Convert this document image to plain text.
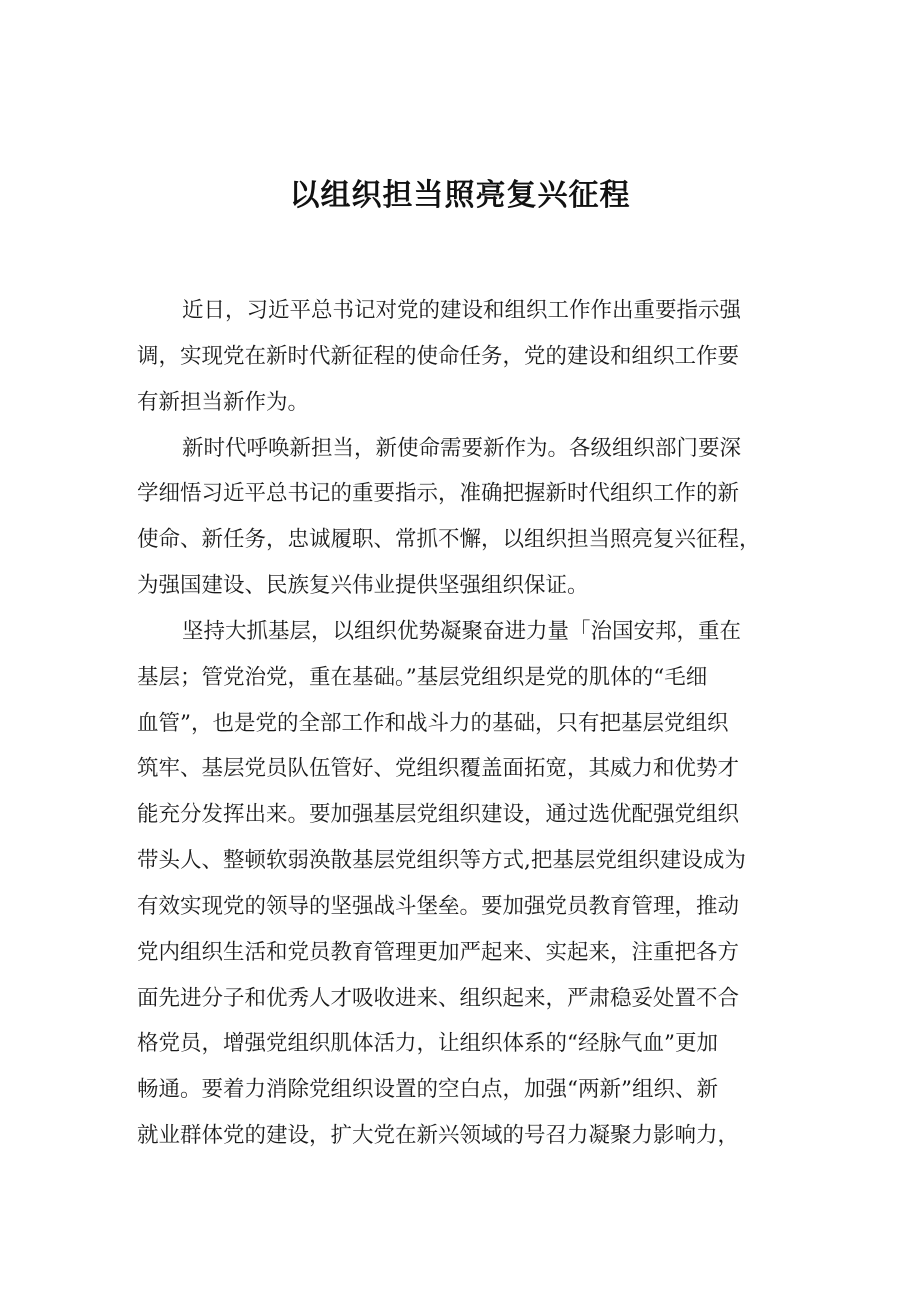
以组织担当照亮复兴征程
近日，习近平总书记对党的建设和组织工作作出重要指示强
调，实现党在新时代新征程的使命任务，党的建设和组织工作要
有新担当新作为。
新时代呼唤新担当，新使命需要新作为。各级组织部门要深
学细悟习近平总书记的重要指示，准确把握新时代组织工作的新
使命、新任务，忠诚履职、常抓不懈，以组织担当照亮复兴征程，
为强国建设、民族复兴伟业提供坚强组织保证。
坚持大抓基层，以组织优势凝聚奋进力量「治国安邦，重在
基层；管党治党，重在基础。”基层党组织是党的肌体的“毛细
血管”，也是党的全部工作和战斗力的基础，只有把基层党组织
筑牢、基层党员队伍管好、党组织覆盖面拓宽，其威力和优势才
能充分发挥出来。要加强基层党组织建设，通过选优配强党组织
带头人、整顿软弱涣散基层党组织等方式,把基层党组织建设成为
有效实现党的领导的坚强战斗堡垒。要加强党员教育管理，推动
党内组织生活和党员教育管理更加严起来、实起来，注重把各方
面先进分子和优秀人才吸收进来、组织起来，严肃稳妥处置不合
格党员，增强党组织肌体活力，让组织体系的“经脉气血”更加
畅通。要着力消除党组织设置的空白点，加强“两新”组织、新
就业群体党的建设，扩大党在新兴领域的号召力凝聚力影响力，
